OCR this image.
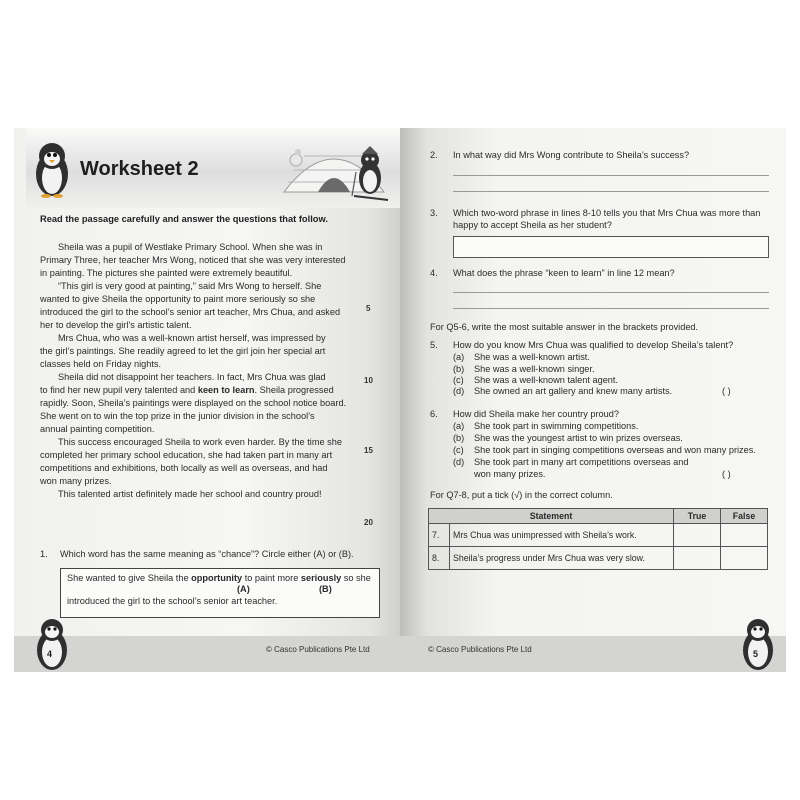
Worksheet 2
Read the passage carefully and answer the questions that follow.
Sheila was a pupil of Westlake Primary School. When she was in
Primary Three, her teacher Mrs Wong, noticed that she was very interested
in painting. The pictures she painted were extremely beautiful.
“This girl is very good at painting,” said Mrs Wong to herself. She
wanted to give Sheila the opportunity to paint more seriously so she
introduced the girl to the school’s senior art teacher, Mrs Chua, and asked
her to develop the girl’s artistic talent.
Mrs Chua, who was a well-known artist herself, was impressed by
the girl’s paintings. She readily agreed to let the girl join her special art
classes held on Friday nights.
Sheila did not disappoint her teachers. In fact, Mrs Chua was glad
to find her new pupil very talented and keen to learn. Sheila progressed
rapidly. Soon, Sheila’s paintings were displayed on the school notice board.
She went on to win the top prize in the junior division in the school’s
annual painting competition.
This success encouraged Sheila to work even harder. By the time she
completed her primary school education, she had taken part in many art
competitions and exhibitions, both locally as well as overseas, and had
won many prizes.
This talented artist definitely made her school and country proud!
5
10
15
20
1. Which word has the same meaning as “chance”? Circle either (A) or (B).
She wanted to give Sheila the opportunity to paint more seriously so she
(A)	(B)
introduced the girl to the school’s senior art teacher.
© Casco Publications Pte Ltd
4

2. In what way did Mrs Wong contribute to Sheila’s success?
3. Which two-word phrase in lines 8-10 tells you that Mrs Chua was more than
happy to accept Sheila as her student?
4. What does the phrase “keen to learn” in line 12 mean?
For Q5-6, write the most suitable answer in the brackets provided.
5. How do you know Mrs Chua was qualified to develop Sheila’s talent?
(a) She was a well-known artist.
(b) She was a well-known singer.
(c) She was a well-known talent agent.
(d) She owned an art gallery and knew many artists.	( )
6. How did Sheila make her country proud?
(a) She took part in swimming competitions.
(b) She was the youngest artist to win prizes overseas.
(c) She took part in singing competitions overseas and won many prizes.
(d) She took part in many art competitions overseas and
won many prizes.	( )
For Q7-8, put a tick (√) in the correct column.
Statement		True	False
7.	Mrs Chua was unimpressed with Sheila’s work.		
8.	Sheila’s progress under Mrs Chua was very slow.		
© Casco Publications Pte Ltd	5
